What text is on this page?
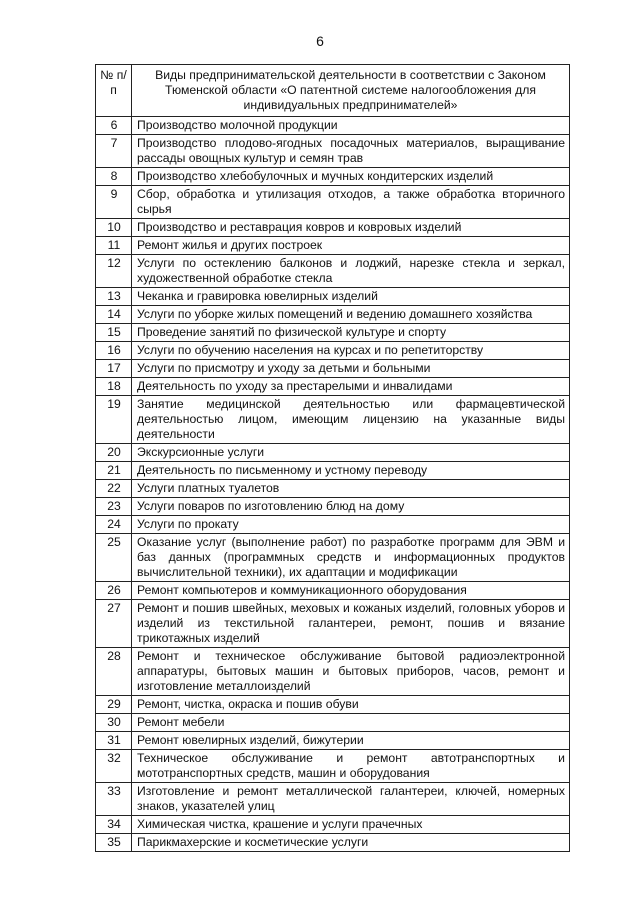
6
№ п/п	Виды предпринимательской деятельности в соответствии с Законом Тюменской области «О патентной системе налогообложения для индивидуальных предпринимателей»
6	Производство молочной продукции
7	Производство плодово-ягодных посадочных материалов, выращивание рассады овощных культур и семян трав
8	Производство хлебобулочных и мучных кондитерских изделий
9	Сбор, обработка и утилизация отходов, а также обработка вторичного сырья
10	Производство и реставрация ковров и ковровых изделий
11	Ремонт жилья и других построек
12	Услуги по остеклению балконов и лоджий, нарезке стекла и зеркал, художественной обработке стекла
13	Чеканка и гравировка ювелирных изделий
14	Услуги по уборке жилых помещений и ведению домашнего хозяйства
15	Проведение занятий по физической культуре и спорту
16	Услуги по обучению населения на курсах и по репетиторству
17	Услуги по присмотру и уходу за детьми и больными
18	Деятельность по уходу за престарелыми и инвалидами
19	Занятие медицинской деятельностью или фармацевтической деятельностью лицом, имеющим лицензию на указанные виды деятельности
20	Экскурсионные услуги
21	Деятельность по письменному и устному переводу
22	Услуги платных туалетов
23	Услуги поваров по изготовлению блюд на дому
24	Услуги по прокату
25	Оказание услуг (выполнение работ) по разработке программ для ЭВМ и баз данных (программных средств и информационных продуктов вычислительной техники), их адаптации и модификации
26	Ремонт компьютеров и коммуникационного оборудования
27	Ремонт и пошив швейных, меховых и кожаных изделий, головных уборов и изделий из текстильной галантереи, ремонт, пошив и вязание трикотажных изделий
28	Ремонт и техническое обслуживание бытовой радиоэлектронной аппаратуры, бытовых машин и бытовых приборов, часов, ремонт и изготовление металлоизделий
29	Ремонт, чистка, окраска и пошив обуви
30	Ремонт мебели
31	Ремонт ювелирных изделий, бижутерии
32	Техническое обслуживание и ремонт автотранспортных и мототранспортных средств, машин и оборудования
33	Изготовление и ремонт металлической галантереи, ключей, номерных знаков, указателей улиц
34	Химическая чистка, крашение и услуги прачечных
35	Парикмахерские и косметические услуги
